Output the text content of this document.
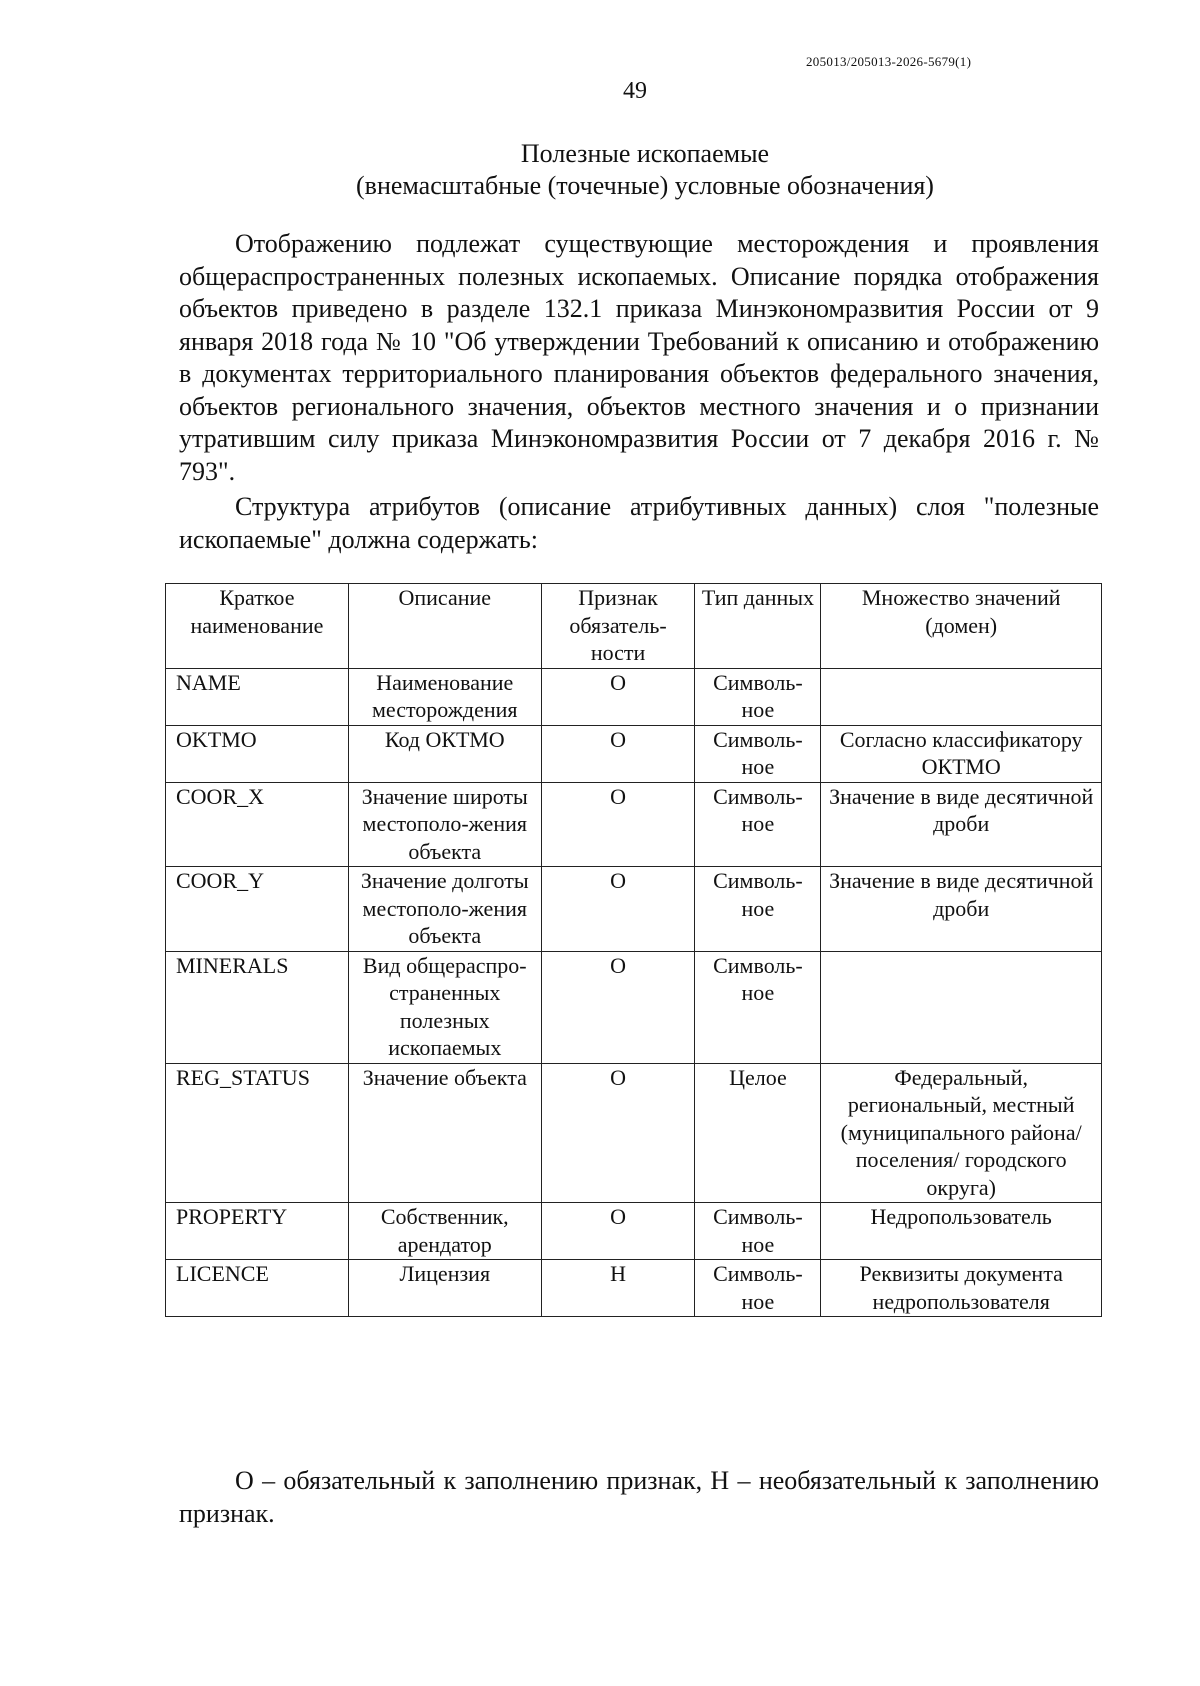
205013/205013-2026-5679(1)
49
Полезные ископаемые
(внемасштабные (точечные) условные обозначения)

Отображению подлежат существующие месторождения и проявления общераспространенных полезных ископаемых. Описание порядка отображения объектов приведено в разделе 132.1 приказа Минэкономразвития России от 9 января 2018 года № 10 "Об утверждении Требований к описанию и отображению в документах территориального планирования объектов федерального значения, объектов регионального значения, объектов местного значения и о признании утратившим силу приказа Минэкономразвития России от 7 декабря 2016 г. № 793".

Структура атрибутов (описание атрибутивных данных) слоя "полезные ископаемые" должна содержать:

Краткое наименование	Описание	Признак обязатель-ности	Тип данных	Множество значений (домен)
NAME	Наименование месторождения	О	Символь-ное	
OKTMO	Код ОКТМО	О	Символь-ное	Согласно классификатору ОКТМО
COOR_X	Значение широты местополо-жения объекта	О	Символь-ное	Значение в виде десятичной дроби
COOR_Y	Значение долготы местополо-жения объекта	О	Символь-ное	Значение в виде десятичной дроби
MINERALS	Вид общераспро-страненных полезных ископаемых	О	Символь-ное	
REG_STATUS	Значение объекта	О	Целое	Федеральный, региональный, местный (муниципального района/поселения/ городского округа)
PROPERTY	Собственник, арендатор	О	Символь-ное	Недропользователь
LICENCE	Лицензия	Н	Символь-ное	Реквизиты документа недропользователя

О – обязательный к заполнению признак, Н – необязательный к заполнению признак.
